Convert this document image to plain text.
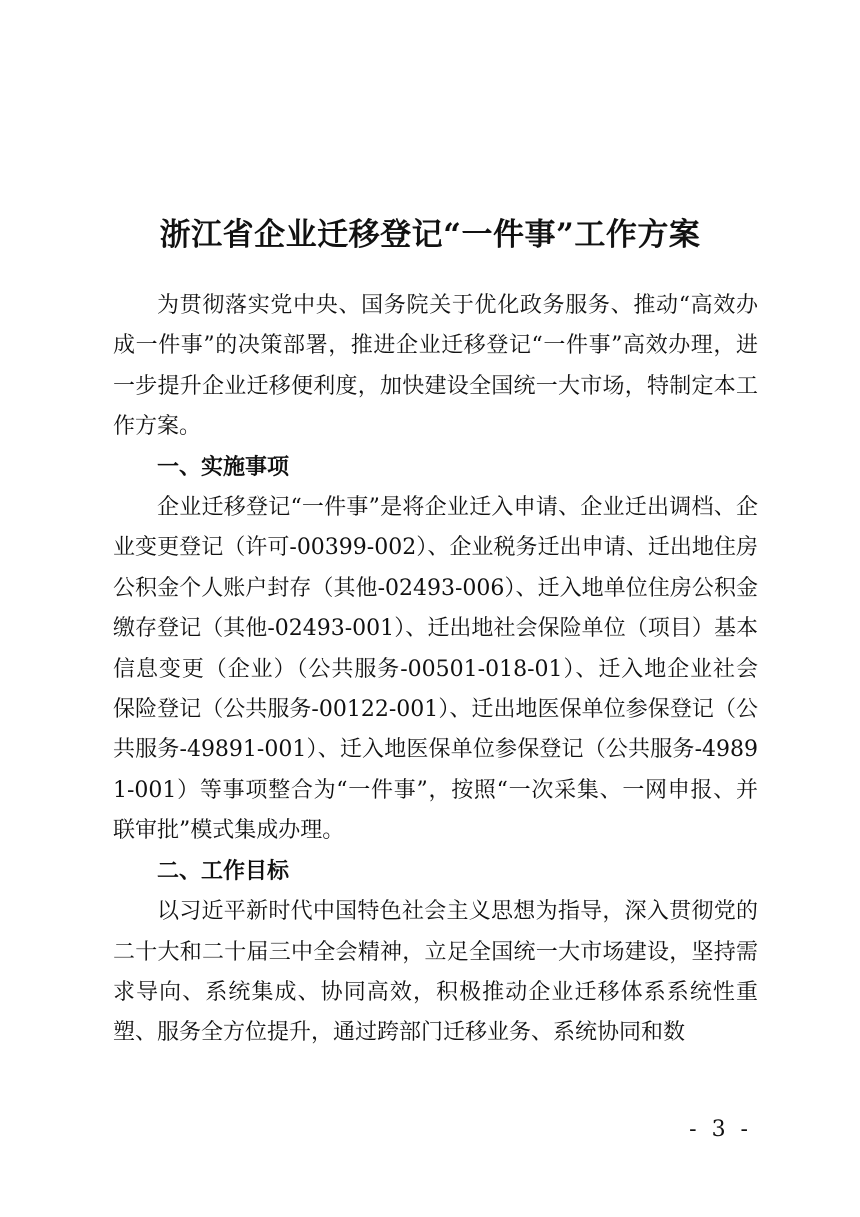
浙江省企业迁移登记“一件事”工作方案

为贯彻落实党中央、国务院关于优化政务服务、推动“高效办成一件事”的决策部署，推进企业迁移登记“一件事”高效办理，进一步提升企业迁移便利度，加快建设全国统一大市场，特制定本工作方案。

一、实施事项

企业迁移登记“一件事”是将企业迁入申请、企业迁出调档、企业变更登记（许可-00399-002）、企业税务迁出申请、迁出地住房公积金个人账户封存（其他-02493-006）、迁入地单位住房公积金缴存登记（其他-02493-001）、迁出地社会保险单位（项目）基本信息变更（企业）（公共服务-00501-018-01）、迁入地企业社会保险登记（公共服务-00122-001）、迁出地医保单位参保登记（公共服务-49891-001）、迁入地医保单位参保登记（公共服务-49891-001）等事项整合为“一件事”，按照“一次采集、一网申报、并联审批”模式集成办理。

二、工作目标

以习近平新时代中国特色社会主义思想为指导，深入贯彻党的二十大和二十届三中全会精神，立足全国统一大市场建设，坚持需求导向、系统集成、协同高效，积极推动企业迁移体系系统性重塑、服务全方位提升，通过跨部门迁移业务、系统协同和数

- 3 -
